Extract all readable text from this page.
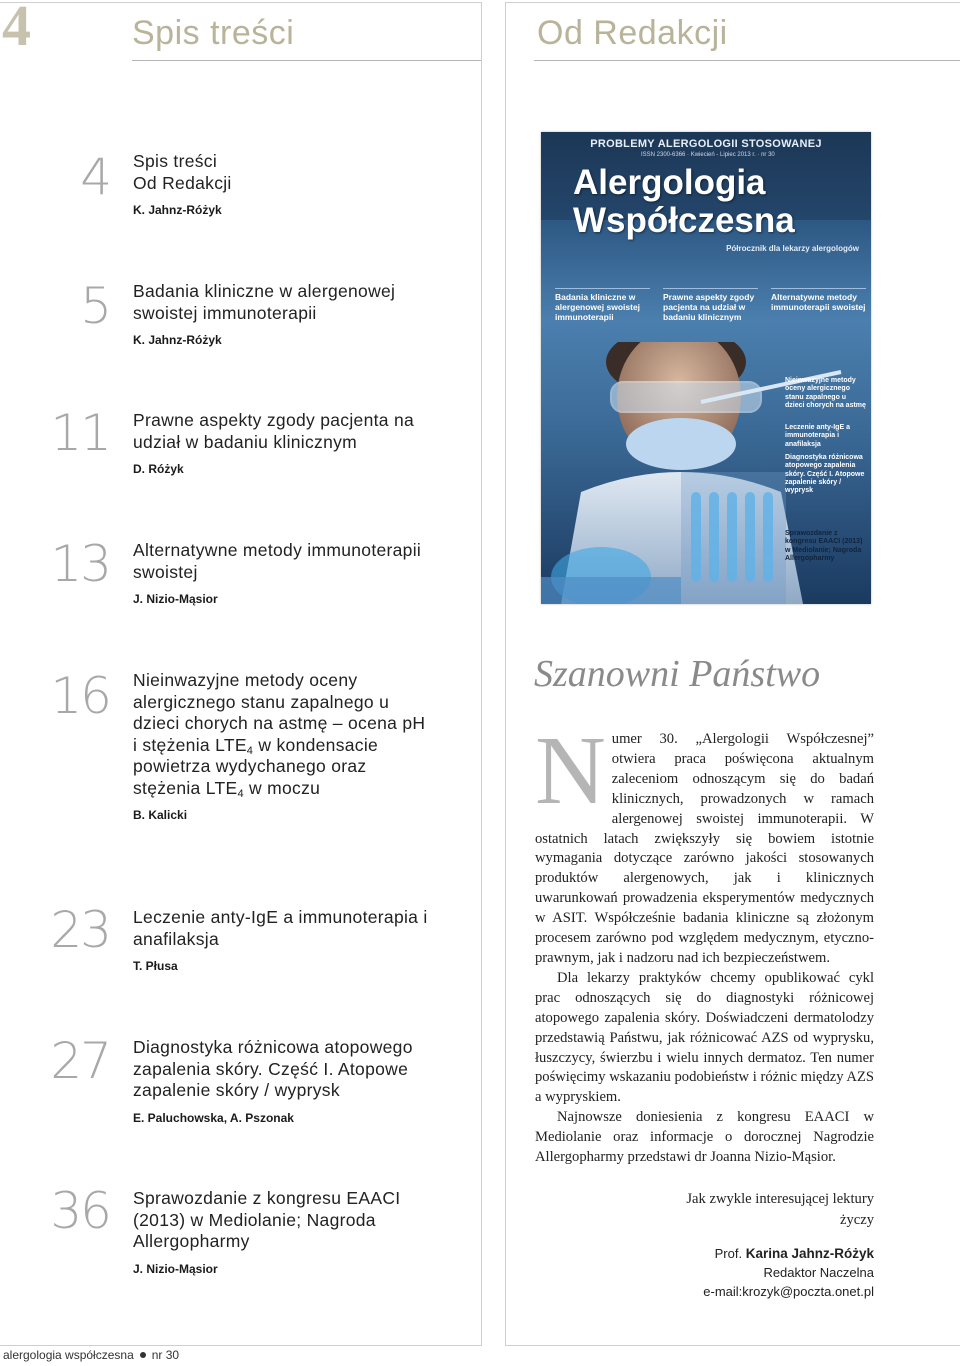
4	Spis treści	Od Redakcji
4 Spis treści
Od Redakcji
K. Jahnz-Różyk
5 Badania kliniczne w alergenowej swoistej immunoterapii
K. Jahnz-Różyk
11 Prawne aspekty zgody pacjenta na udział w badaniu klinicznym
D. Różyk
13 Alternatywne metody immunoterapii swoistej
J. Nizio-Mąsior
16 Nieinwazyjne metody oceny alergicznego stanu zapalnego u dzieci chorych na astmę – ocena pH i stężenia $LTE_4$ w kondensacie powietrza wydychanego oraz stężenia $LTE_4$ w moczu
B. Kalicki
23 Leczenie anty-IgE a immunoterapia i anafilaksja
T. Płusa
27 Diagnostyka różnicowa atopowego zapalenia skóry. Część I. Atopowe zapalenie skóry / wyprysk
E. Paluchowska, A. Pszonak
36 Sprawozdanie z kongresu EAACI (2013) w Mediolanie; Nagroda Allergopharmy
J. Nizio-Mąsior
PROBLEMY ALERGOLOGII STOSOWANEJ
ISSN 2300-6366 · Kwiecień - Lipiec 2013 r. · nr 30
Alergologia
Współczesna
Półrocznik dla lekarzy alergologów
Badania kliniczne w alergenowej swoistej immunoterapii
Prawne aspekty zgody pacjenta na udział w badaniu klinicznym
Alternatywne metody immunoterapii swoistej
Nieinwazyjne metody oceny alergicznego stanu zapalnego u dzieci chorych na astmę
Leczenie anty-IgE a immunoterapia i anafilaksja
Diagnostyka różnicowa atopowego zapalenia skóry. Część I. Atopowe zapalenie skóry / wyprysk
Sprawozdanie z kongresu EAACI (2013) w Mediolanie; Nagroda Allergopharmy
Szanowni Państwo

Numer 30. „Alergologii Współczesnej” otwiera praca poświęcona aktualnym zaleceniom odnoszącym się do badań klinicznych, prowadzonych w ramach alergenowej swoistej immunoterapii. W ostatnich latach zwiększyły się bowiem istotnie wymagania dotyczące zarówno jakości stosowanych produktów alergenowych, jak i klinicznych uwarunkowań prowadzenia eksperymentów medycznych w ASIT. Współcześnie badania kliniczne są złożonym procesem zarówno pod względem medycznym, etyczno-prawnym, jak i nadzoru nad ich bezpieczeństwem.

Dla lekarzy praktyków chcemy opublikować cykl prac odnoszących się do diagnostyki różnicowej atopowego zapalenia skóry. Doświadczeni dermatolodzy przedstawią Państwu, jak różnicować AZS od wyprysku, łuszczycy, świerzbu i wielu innych dermatoz. Ten numer poświęcimy wskazaniu podobieństw i różnic między AZS a wypryskiem.

Najnowsze doniesienia z kongresu EAACI w Mediolanie oraz informacje o dorocznej Nagrodzie Allergopharmy przedstawi dr Joanna Nizio-Mąsior.

Jak zwykle interesującej lektury
życzy
Prof. Karina Jahnz-Różyk
Redaktor Naczelna
e-mail:krozyk@poczta.onet.pl
alergologia współczesna nr 30
